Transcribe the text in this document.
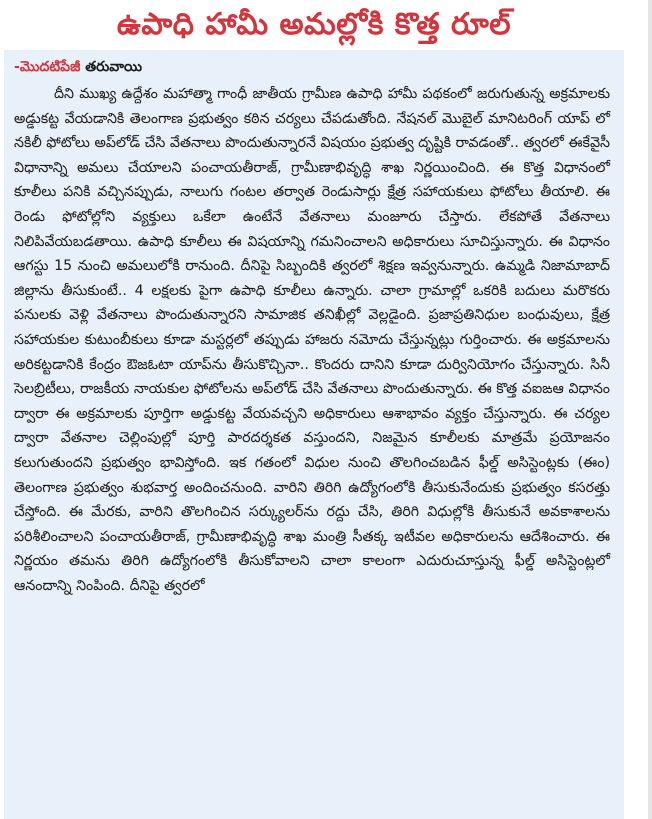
ఉపాధి హామీ అమల్లోకి కొత్త రూల్
-మొదటిపేజీ తరువాయి

దీని ముఖ్య ఉద్దేశం మహాత్మా గాంధీ జాతీయ గ్రామీణ ఉపాధి హామీ పథకంలో జరుగుతున్న అక్రమాలకు అడ్డుకట్ట వేయడానికి తెలంగాణ ప్రభుత్వం కఠిన చర్యలు చేపడుతోంది. నేషనల్ మొబైల్ మానిటరింగ్ యాప్ లో నకిలీ ఫోటోలు అప్‌లోడ్ చేసి వేతనాలు పొందుతున్నారనే విషయం ప్రభుత్వ దృష్టికి రావడంతో.. త్వరలో ఈకేవైసీ విధానాన్ని అమలు చేయాలని పంచాయతీరాజ్, గ్రామీణాభివృద్ధి శాఖ నిర్ణయించింది. ఈ కొత్త విధానంలో కూలీలు పనికి వచ్చినప్పుడు, నాలుగు గంటల తర్వాత రెండుసార్లు క్షేత్ర సహాయకులు ఫోటోలు తీయాలి. ఈ రెండు ఫోటోల్లోని వ్యక్తులు ఒకేలా ఉంటేనే వేతనాలు మంజూరు చేస్తారు. లేకపోతే వేతనాలు నిలిపివేయబడతాయి. ఉపాధి కూలీలు ఈ విషయాన్ని గమనించాలని అధికారులు సూచిస్తున్నారు. ఈ విధానం ఆగస్టు 15 నుంచి అమలులోకి రానుంది. దీనిపై సిబ్బందికి త్వరలో శిక్షణ ఇవ్వనున్నారు. ఉమ్మడి నిజామాబాద్ జిల్లాను తీసుకుంటే.. 4 లక్షలకు పైగా ఉపాధి కూలీలు ఉన్నారు. చాలా గ్రామాల్లో ఒకరికి బదులు మరొకరు పనులకు వెళ్లి వేతనాలు పొందుతున్నారని సామాజిక తనిఖీల్లో వెల్లడైంది. ప్రజాప్రతినిధుల బంధువులు, క్షేత్ర సహాయకుల కుటుంబీకులు కూడా మస్టర్లలో తప్పుడు హాజరు నమోదు చేస్తున్నట్లు గుర్తించారు. ఈ అక్రమాలను అరికట్టడానికి కేంద్రం ఔజఓటా యాప్‌ను తీసుకొచ్చినా.. కొందరు దానిని కూడా దుర్వినియోగం చేస్తున్నారు. సినీ సెలబ్రిటీలు, రాజకీయ నాయకుల ఫోటోలను అప్‌లోడ్ చేసి వేతనాలు పొందుతున్నారు. ఈ కొత్త వఐఙఆ విధానం ద్వారా ఈ అక్రమాలకు పూర్తిగా అడ్డుకట్ట వేయవచ్చని అధికారులు ఆశాభావం వ్యక్తం చేస్తున్నారు. ఈ చర్యల ద్వారా వేతనాల చెల్లింపుల్లో పూర్తి పారదర్శకత వస్తుందని, నిజమైన కూలీలకు మాత్రమే ప్రయోజనం కలుగుతుందని ప్రభుత్వం భావిస్తోంది. ఇక గతంలో విధుల నుంచి తొలగించబడిన ఫీల్డ్ అసిస్టెంట్లకు (ఈం) తెలంగాణ ప్రభుత్వం శుభవార్త అందించనుంది. వారిని తిరిగి ఉద్యోగంలోకి తీసుకునేందుకు ప్రభుత్వం కసరత్తు చేస్తోంది. ఈ మేరకు, వారిని తొలగించిన సర్క్యులర్‌ను రద్దు చేసి, తిరిగి విధుల్లోకి తీసుకునే అవకాశాలను పరిశీలించాలని పంచాయతీరాజ్, గ్రామీణాభివృద్ధి శాఖ మంత్రి సీతక్క ఇటీవల అధికారులను ఆదేశించారు. ఈ నిర్ణయం తమను తిరిగి ఉద్యోగంలోకి తీసుకోవాలని చాలా కాలంగా ఎదురుచూస్తున్న ఫీల్డ్ అసిస్టెంట్లలో ఆనందాన్ని నింపింది. దీనిపై త్వరలో
